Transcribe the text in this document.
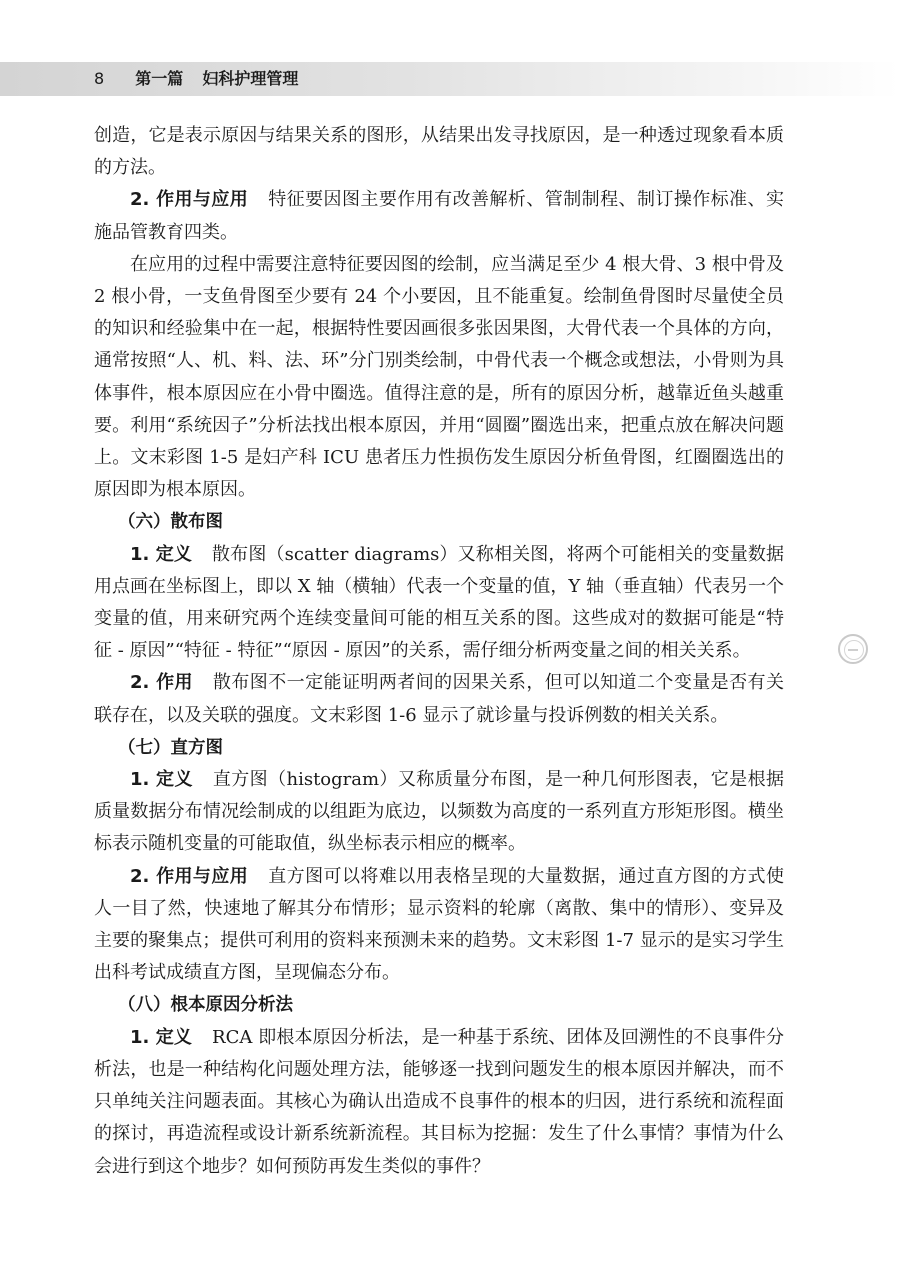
8 第一篇 妇科护理管理

创造，它是表示原因与结果关系的图形，从结果出发寻找原因，是一种透过现象看本质的方法。

2. 作用与应用 特征要因图主要作用有改善解析、管制制程、制订操作标准、实施品管教育四类。

在应用的过程中需要注意特征要因图的绘制，应当满足至少 4 根大骨、3 根中骨及 2 根小骨，一支鱼骨图至少要有 24 个小要因，且不能重复。绘制鱼骨图时尽量使全员的知识和经验集中在一起，根据特性要因画很多张因果图，大骨代表一个具体的方向，通常按照“人、机、料、法、环”分门别类绘制，中骨代表一个概念或想法，小骨则为具体事件，根本原因应在小骨中圈选。值得注意的是，所有的原因分析，越靠近鱼头越重要。利用“系统因子”分析法找出根本原因，并用“圆圈”圈选出来，把重点放在解决问题上。文末彩图 1-5 是妇产科 ICU 患者压力性损伤发生原因分析鱼骨图，红圈圈选出的原因即为根本原因。

（六）散布图

1. 定义 散布图（scatter diagrams）又称相关图，将两个可能相关的变量数据用点画在坐标图上，即以 X 轴（横轴）代表一个变量的值，Y 轴（垂直轴）代表另一个变量的值，用来研究两个连续变量间可能的相互关系的图。这些成对的数据可能是“特征 - 原因”“特征 - 特征”“原因 - 原因”的关系，需仔细分析两变量之间的相关关系。

2. 作用 散布图不一定能证明两者间的因果关系，但可以知道二个变量是否有关联存在，以及关联的强度。文末彩图 1-6 显示了就诊量与投诉例数的相关关系。

（七）直方图

1. 定义 直方图（histogram）又称质量分布图，是一种几何形图表，它是根据质量数据分布情况绘制成的以组距为底边，以频数为高度的一系列直方形矩形图。横坐标表示随机变量的可能取值，纵坐标表示相应的概率。

2. 作用与应用 直方图可以将难以用表格呈现的大量数据，通过直方图的方式使人一目了然，快速地了解其分布情形；显示资料的轮廓（离散、集中的情形）、变异及主要的聚集点；提供可利用的资料来预测未来的趋势。文末彩图 1-7 显示的是实习学生出科考试成绩直方图，呈现偏态分布。

（八）根本原因分析法

1. 定义 RCA 即根本原因分析法，是一种基于系统、团体及回溯性的不良事件分析法，也是一种结构化问题处理方法，能够逐一找到问题发生的根本原因并解决，而不只单纯关注问题表面。其核心为确认出造成不良事件的根本的归因，进行系统和流程面的探讨，再造流程或设计新系统新流程。其目标为挖掘：发生了什么事情？事情为什么会进行到这个地步？如何预防再发生类似的事件？
